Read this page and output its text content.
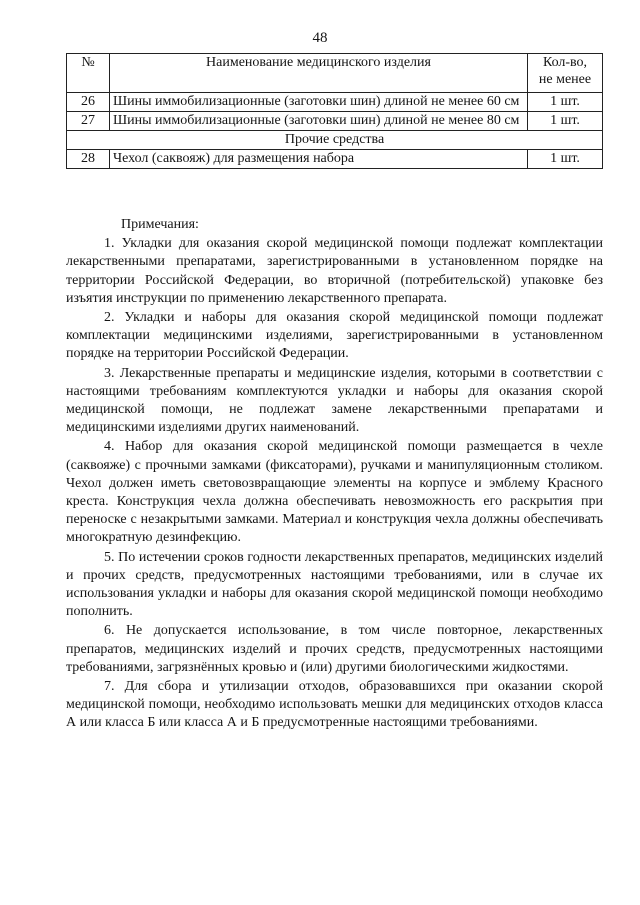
48
№	Наименование медицинского изделия	Кол-во,
не менее

26	Шины иммобилизационные (заготовки шин) длиной не менее 60 см	1 шт.
27	Шины иммобилизационные (заготовки шин) длиной не менее 80 см	1 шт.
Прочие средства		
28	Чехол (саквояж) для размещения набора	1 шт.

Примечания:

1. Укладки для оказания скорой медицинской помощи подлежат комплектации лекарственными препаратами, зарегистрированными в установленном порядке на территории Российской Федерации, во вторичной (потребительской) упаковке без изъятия инструкции по применению лекарственного препарата.

2. Укладки и наборы для оказания скорой медицинской помощи подлежат комплектации медицинскими изделиями, зарегистрированными в установленном порядке на территории Российской Федерации.

3. Лекарственные препараты и медицинские изделия, которыми в соответствии с настоящими требованиям комплектуются укладки и наборы для оказания скорой медицинской помощи, не подлежат замене лекарственными препаратами и медицинскими изделиями других наименований.

4. Набор для оказания скорой медицинской помощи размещается в чехле (саквояже) с прочными замками (фиксаторами), ручками и манипуляционным столиком. Чехол должен иметь световозвращающие элементы на корпусе и эмблему Красного креста. Конструкция чехла должна обеспечивать невозможность его раскрытия при переноске с незакрытыми замками. Материал и конструкция чехла должны обеспечивать многократную дезинфекцию.

5. По истечении сроков годности лекарственных препаратов, медицинских изделий и прочих средств, предусмотренных настоящими требованиями, или в случае их использования укладки и наборы для оказания скорой медицинской помощи необходимо пополнить.

6. Не допускается использование, в том числе повторное, лекарственных препаратов, медицинских изделий и прочих средств, предусмотренных настоящими требованиями, загрязнённых кровью и (или) другими биологическими жидкостями.

7. Для сбора и утилизации отходов, образовавшихся при оказании скорой медицинской помощи, необходимо использовать мешки для медицинских отходов класса А или класса Б или класса А и Б предусмотренные настоящими требованиями.
